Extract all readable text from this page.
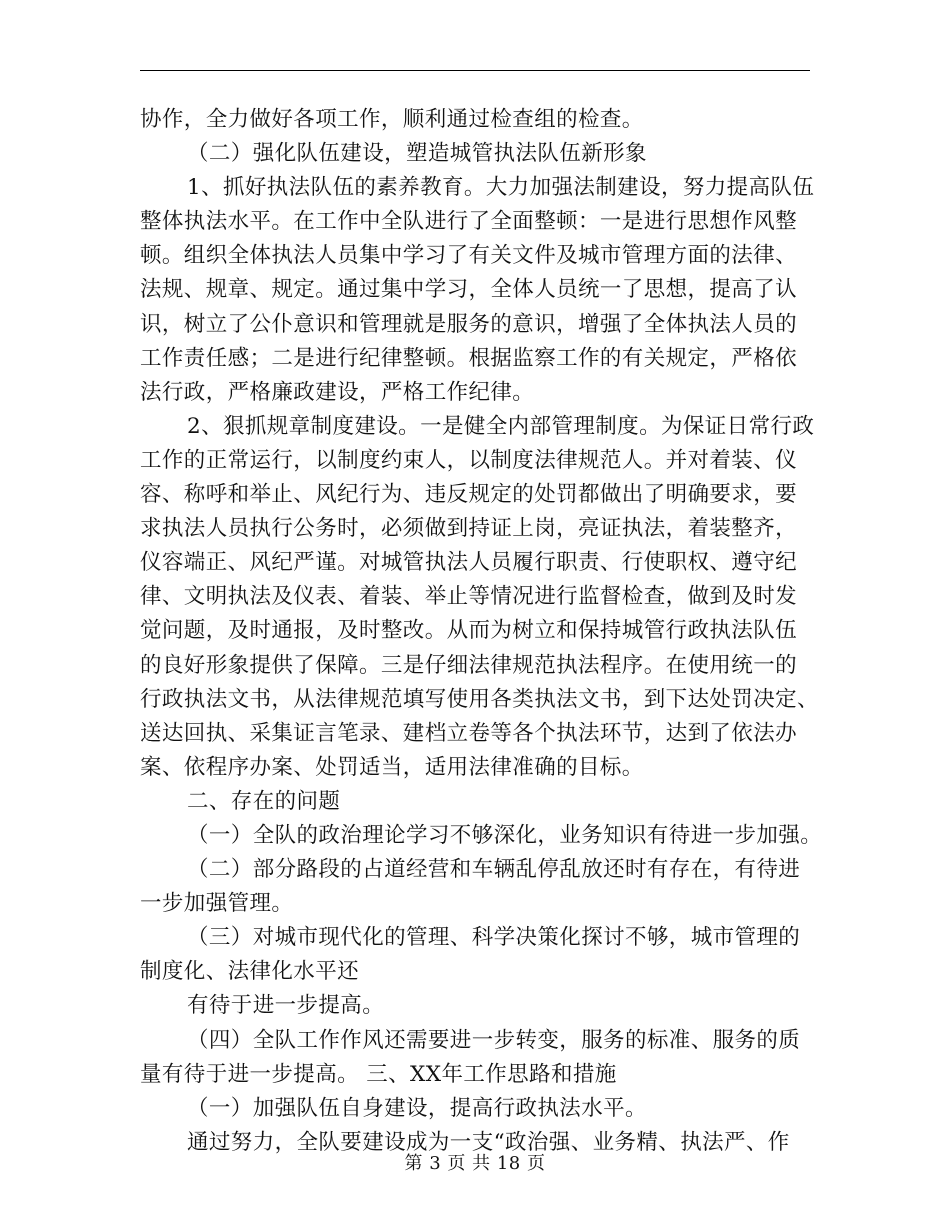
协作，全力做好各项工作，顺利通过检查组的检查。
（二）强化队伍建设，塑造城管执法队伍新形象
1、抓好执法队伍的素养教育。大力加强法制建设，努力提高队伍
整体执法水平。在工作中全队进行了全面整顿：一是进行思想作风整
顿。组织全体执法人员集中学习了有关文件及城市管理方面的法律、
法规、规章、规定。通过集中学习，全体人员统一了思想，提高了认
识，树立了公仆意识和管理就是服务的意识，增强了全体执法人员的
工作责任感；二是进行纪律整顿。根据监察工作的有关规定，严格依
法行政，严格廉政建设，严格工作纪律。
2、狠抓规章制度建设。一是健全内部管理制度。为保证日常行政
工作的正常运行，以制度约束人，以制度法律规范人。并对着装、仪
容、称呼和举止、风纪行为、违反规定的处罚都做出了明确要求，要
求执法人员执行公务时，必须做到持证上岗，亮证执法，着装整齐，
仪容端正、风纪严谨。对城管执法人员履行职责、行使职权、遵守纪
律、文明执法及仪表、着装、举止等情况进行监督检查，做到及时发
觉问题，及时通报，及时整改。从而为树立和保持城管行政执法队伍
的良好形象提供了保障。三是仔细法律规范执法程序。在使用统一的
行政执法文书，从法律规范填写使用各类执法文书，到下达处罚决定、
送达回执、采集证言笔录、建档立卷等各个执法环节，达到了依法办
案、依程序办案、处罚适当，适用法律准确的目标。
二、存在的问题
（一）全队的政治理论学习不够深化，业务知识有待进一步加强。
（二）部分路段的占道经营和车辆乱停乱放还时有存在，有待进
一步加强管理。
（三）对城市现代化的管理、科学决策化探讨不够，城市管理的
制度化、法律化水平还
有待于进一步提高。
（四）全队工作作风还需要进一步转变，服务的标准、服务的质
量有待于进一步提高。 三、XX年工作思路和措施
（一）加强队伍自身建设，提高行政执法水平。
通过努力，全队要建设成为一支“政治强、业务精、执法严、作
第 3 页 共 18 页
